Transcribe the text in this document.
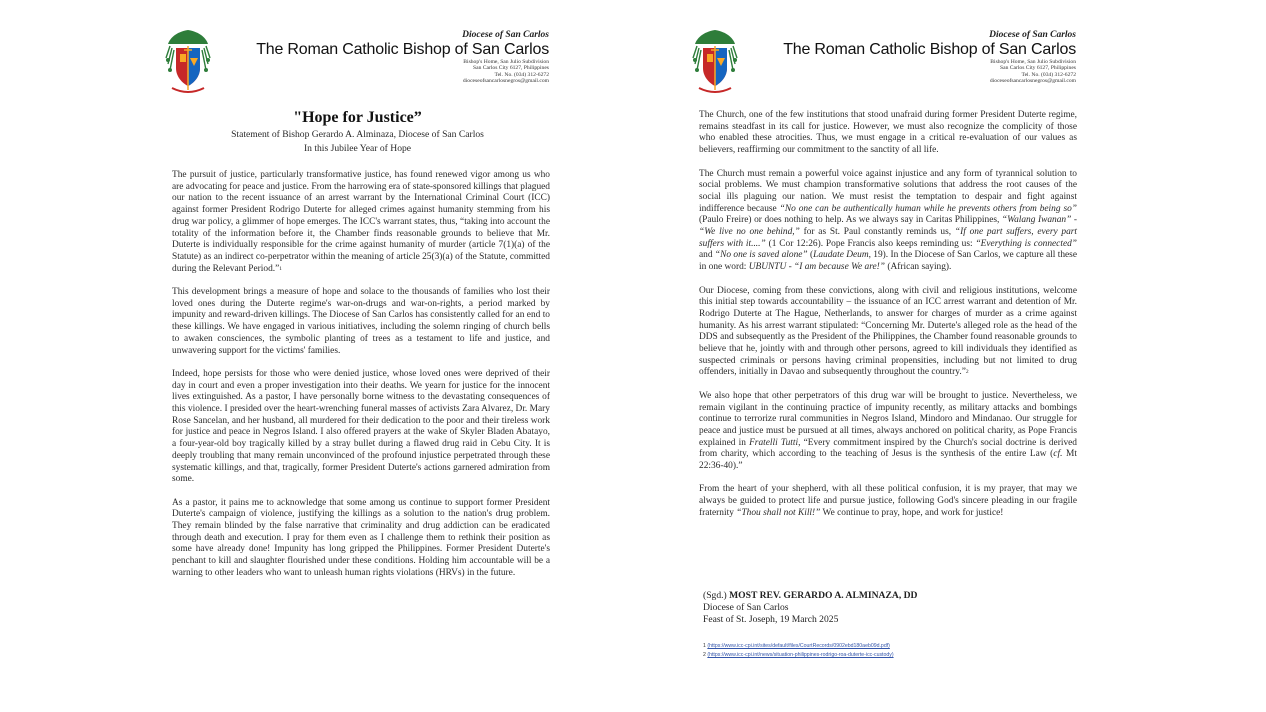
Diocese of San Carlos
The Roman Catholic Bishop of San Carlos
Bishop's Home, San Julio Subdivision
San Carlos City 6127, Philippines
Tel. No. (034) 312-6272
dioceseofsancarlosnegros@gmail.com
"Hope for Justice”
Statement of Bishop Gerardo A. Alminaza, Diocese of San Carlos
In this Jubilee Year of Hope

The pursuit of justice, particularly transformative justice, has found renewed vigor among us who are advocating for peace and justice. From the harrowing era of state-sponsored killings that plagued our nation to the recent issuance of an arrest warrant by the International Criminal Court (ICC) against former President Rodrigo Duterte for alleged crimes against humanity stemming from his drug war policy, a glimmer of hope emerges. The ICC's warrant states, thus, “taking into account the totality of the information before it, the Chamber finds reasonable grounds to believe that Mr. Duterte is individually responsible for the crime against humanity of murder (article 7(1)(a) of the Statute) as an indirect co-perpetrator within the meaning of article 25(3)(a) of the Statute, committed during the Relevant Period.”$^1$

This development brings a measure of hope and solace to the thousands of families who lost their loved ones during the Duterte regime's war-on-drugs and war-on-rights, a period marked by impunity and reward-driven killings. The Diocese of San Carlos has consistently called for an end to these killings. We have engaged in various initiatives, including the solemn ringing of church bells to awaken consciences, the symbolic planting of trees as a testament to life and justice, and unwavering support for the victims' families.

Indeed, hope persists for those who were denied justice, whose loved ones were deprived of their day in court and even a proper investigation into their deaths. We yearn for justice for the innocent lives extinguished. As a pastor, I have personally borne witness to the devastating consequences of this violence. I presided over the heart-wrenching funeral masses of activists Zara Alvarez, Dr. Mary Rose Sancelan, and her husband, all murdered for their dedication to the poor and their tireless work for justice and peace in Negros Island. I also offered prayers at the wake of Skyler Bladen Abatayo, a four-year-old boy tragically killed by a stray bullet during a flawed drug raid in Cebu City. It is deeply troubling that many remain unconvinced of the profound injustice perpetrated through these systematic killings, and that, tragically, former President Duterte's actions garnered admiration from some.

As a pastor, it pains me to acknowledge that some among us continue to support former President Duterte's campaign of violence, justifying the killings as a solution to the nation's drug problem. They remain blinded by the false narrative that criminality and drug addiction can be eradicated through death and execution. I pray for them even as I challenge them to rethink their position as some have already done! Impunity has long gripped the Philippines. Former President Duterte's penchant to kill and slaughter flourished under these conditions. Holding him accountable will be a warning to other leaders who want to unleash human rights violations (HRVs) in the future.

Diocese of San Carlos
The Roman Catholic Bishop of San Carlos
Bishop's Home, San Julio Subdivision
San Carlos City 6127, Philippines
Tel. No. (034) 312-6272
dioceseofsancarlosnegros@gmail.com

The Church, one of the few institutions that stood unafraid during former President Duterte regime, remains steadfast in its call for justice. However, we must also recognize the complicity of those who enabled these atrocities. Thus, we must engage in a critical re-evaluation of our values as believers, reaffirming our commitment to the sanctity of all life.

The Church must remain a powerful voice against injustice and any form of tyrannical solution to social problems. We must champion transformative solutions that address the root causes of the social ills plaguing our nation. We must resist the temptation to despair and fight against indifference because “No one can be authentically human while he prevents others from being so” (Paulo Freire) or does nothing to help. As we always say in Caritas Philippines, “Walang Iwanan” - “We live no one behind,” for as St. Paul constantly reminds us, “If one part suffers, every part suffers with it....” (1 Cor 12:26). Pope Francis also keeps reminding us: “Everything is connected” and “No one is saved alone” (Laudate Deum, 19). In the Diocese of San Carlos, we capture all these in one word: UBUNTU - “I am because We are!” (African saying).

Our Diocese, coming from these convictions, along with civil and religious institutions, welcome this initial step towards accountability – the issuance of an ICC arrest warrant and detention of Mr. Rodrigo Duterte at The Hague, Netherlands, to answer for charges of murder as a crime against humanity. As his arrest warrant stipulated: “Concerning Mr. Duterte's alleged role as the head of the DDS and subsequently as the President of the Philippines, the Chamber found reasonable grounds to believe that he, jointly with and through other persons, agreed to kill individuals they identified as suspected criminals or persons having criminal propensities, including but not limited to drug offenders, initially in Davao and subsequently throughout the country.”$^2$

We also hope that other perpetrators of this drug war will be brought to justice. Nevertheless, we remain vigilant in the continuing practice of impunity recently, as military attacks and bombings continue to terrorize rural communities in Negros Island, Mindoro and Mindanao. Our struggle for peace and justice must be pursued at all times, always anchored on political charity, as Pope Francis explained in Fratelli Tutti, “Every commitment inspired by the Church's social doctrine is derived from charity, which according to the teaching of Jesus is the synthesis of the entire Law (cf. Mt 22:36-40).”

From the heart of your shepherd, with all these political confusion, it is my prayer, that may we always be guided to protect life and pursue justice, following God's sincere pleading in our fragile fraternity “Thou shall not Kill!” We continue to pray, hope, and work for justice!

(Sgd.) MOST REV. GERARDO A. ALMINAZA, DD
Diocese of San Carlos
Feast of St. Joseph, 19 March 2025
1 (https://www.icc-cpi.int/sites/default/files/CourtRecords/0902ebd180aeb09d.pdf)
2 (https://www.icc-cpi.int/news/situation-philippines-rodrigo-roa-duterte-icc-custody)
